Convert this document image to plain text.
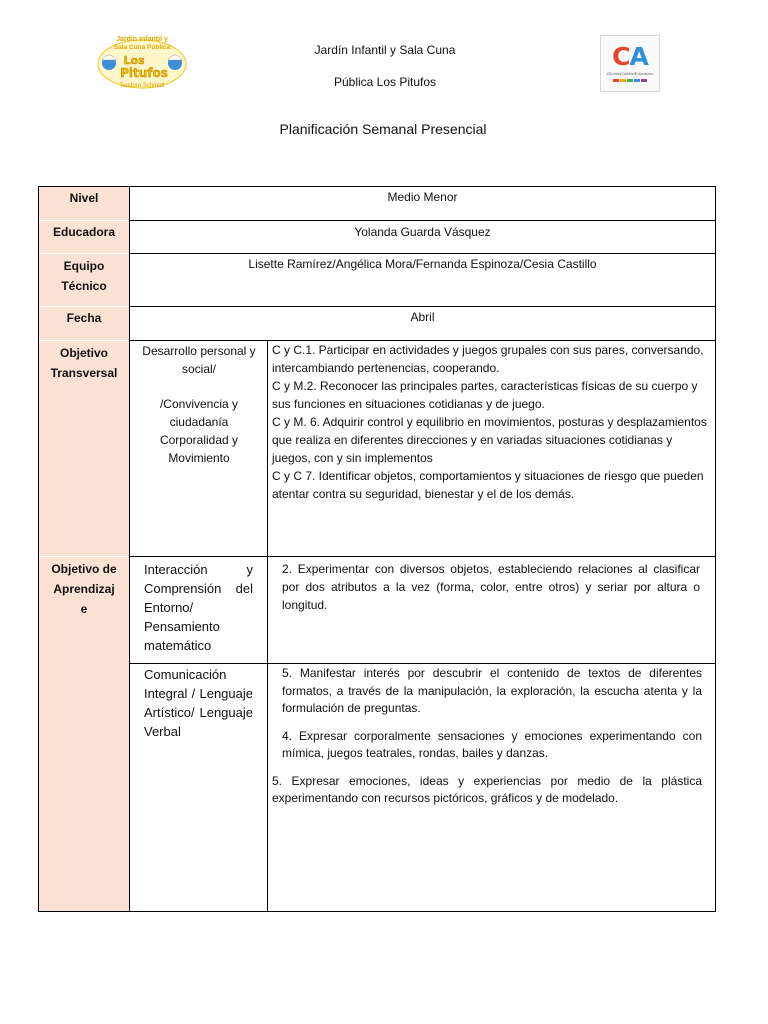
Jardín Infantil y
Sala Cuna Pública
Los
Pitufos
Teodoro Schmidt
CA
#SomosCalidadEducacion
Jardín Infantil y Sala Cuna
Pública Los Pitufos
Planificación Semanal Presencial
Nivel
Educadora
Equipo
Técnico
Fecha
Objetivo
Transversal
Objetivo de
Aprendizaj
e
Medio Menor
Yolanda Guarda Vásquez
Lisette Ramírez/Angélica Mora/Fernanda Espinoza/Cesia Castillo
Abril

Desarrollo personal y social/

/Convivencia y ciudadanía Corporalidad y Movimiento

C y C.1. Participar en actividades y juegos grupales con sus pares, conversando, intercambiando pertenencias, cooperando.

C y M.2. Reconocer las principales partes, características físicas de su cuerpo y sus funciones en situaciones cotidianas y de juego.

C y M. 6. Adquirir control y equilibrio en movimientos, posturas y desplazamientos que realiza en diferentes direcciones y en variadas situaciones cotidianas y juegos, con y sin implementos

C y C 7. Identificar objetos, comportamientos y situaciones de riesgo que pueden atentar contra su seguridad, bienestar y el de los demás.

Interacción y Comprensión del Entorno/ Pensamiento matemático

2. Experimentar con diversos objetos, estableciendo relaciones al clasificar por dos atributos a la vez (forma, color, entre otros) y seriar por altura o longitud.

Comunicación Integral / Lenguaje Artístico/ Lenguaje Verbal

5. Manifestar interés por descubrir el contenido de textos de diferentes formatos, a través de la manipulación, la exploración, la escucha atenta y la formulación de preguntas.

4. Expresar corporalmente sensaciones y emociones experimentando con mímica, juegos teatrales, rondas, bailes y danzas.

5. Expresar emociones, ideas y experiencias por medio de la plástica experimentando con recursos pictóricos, gráficos y de modelado.
